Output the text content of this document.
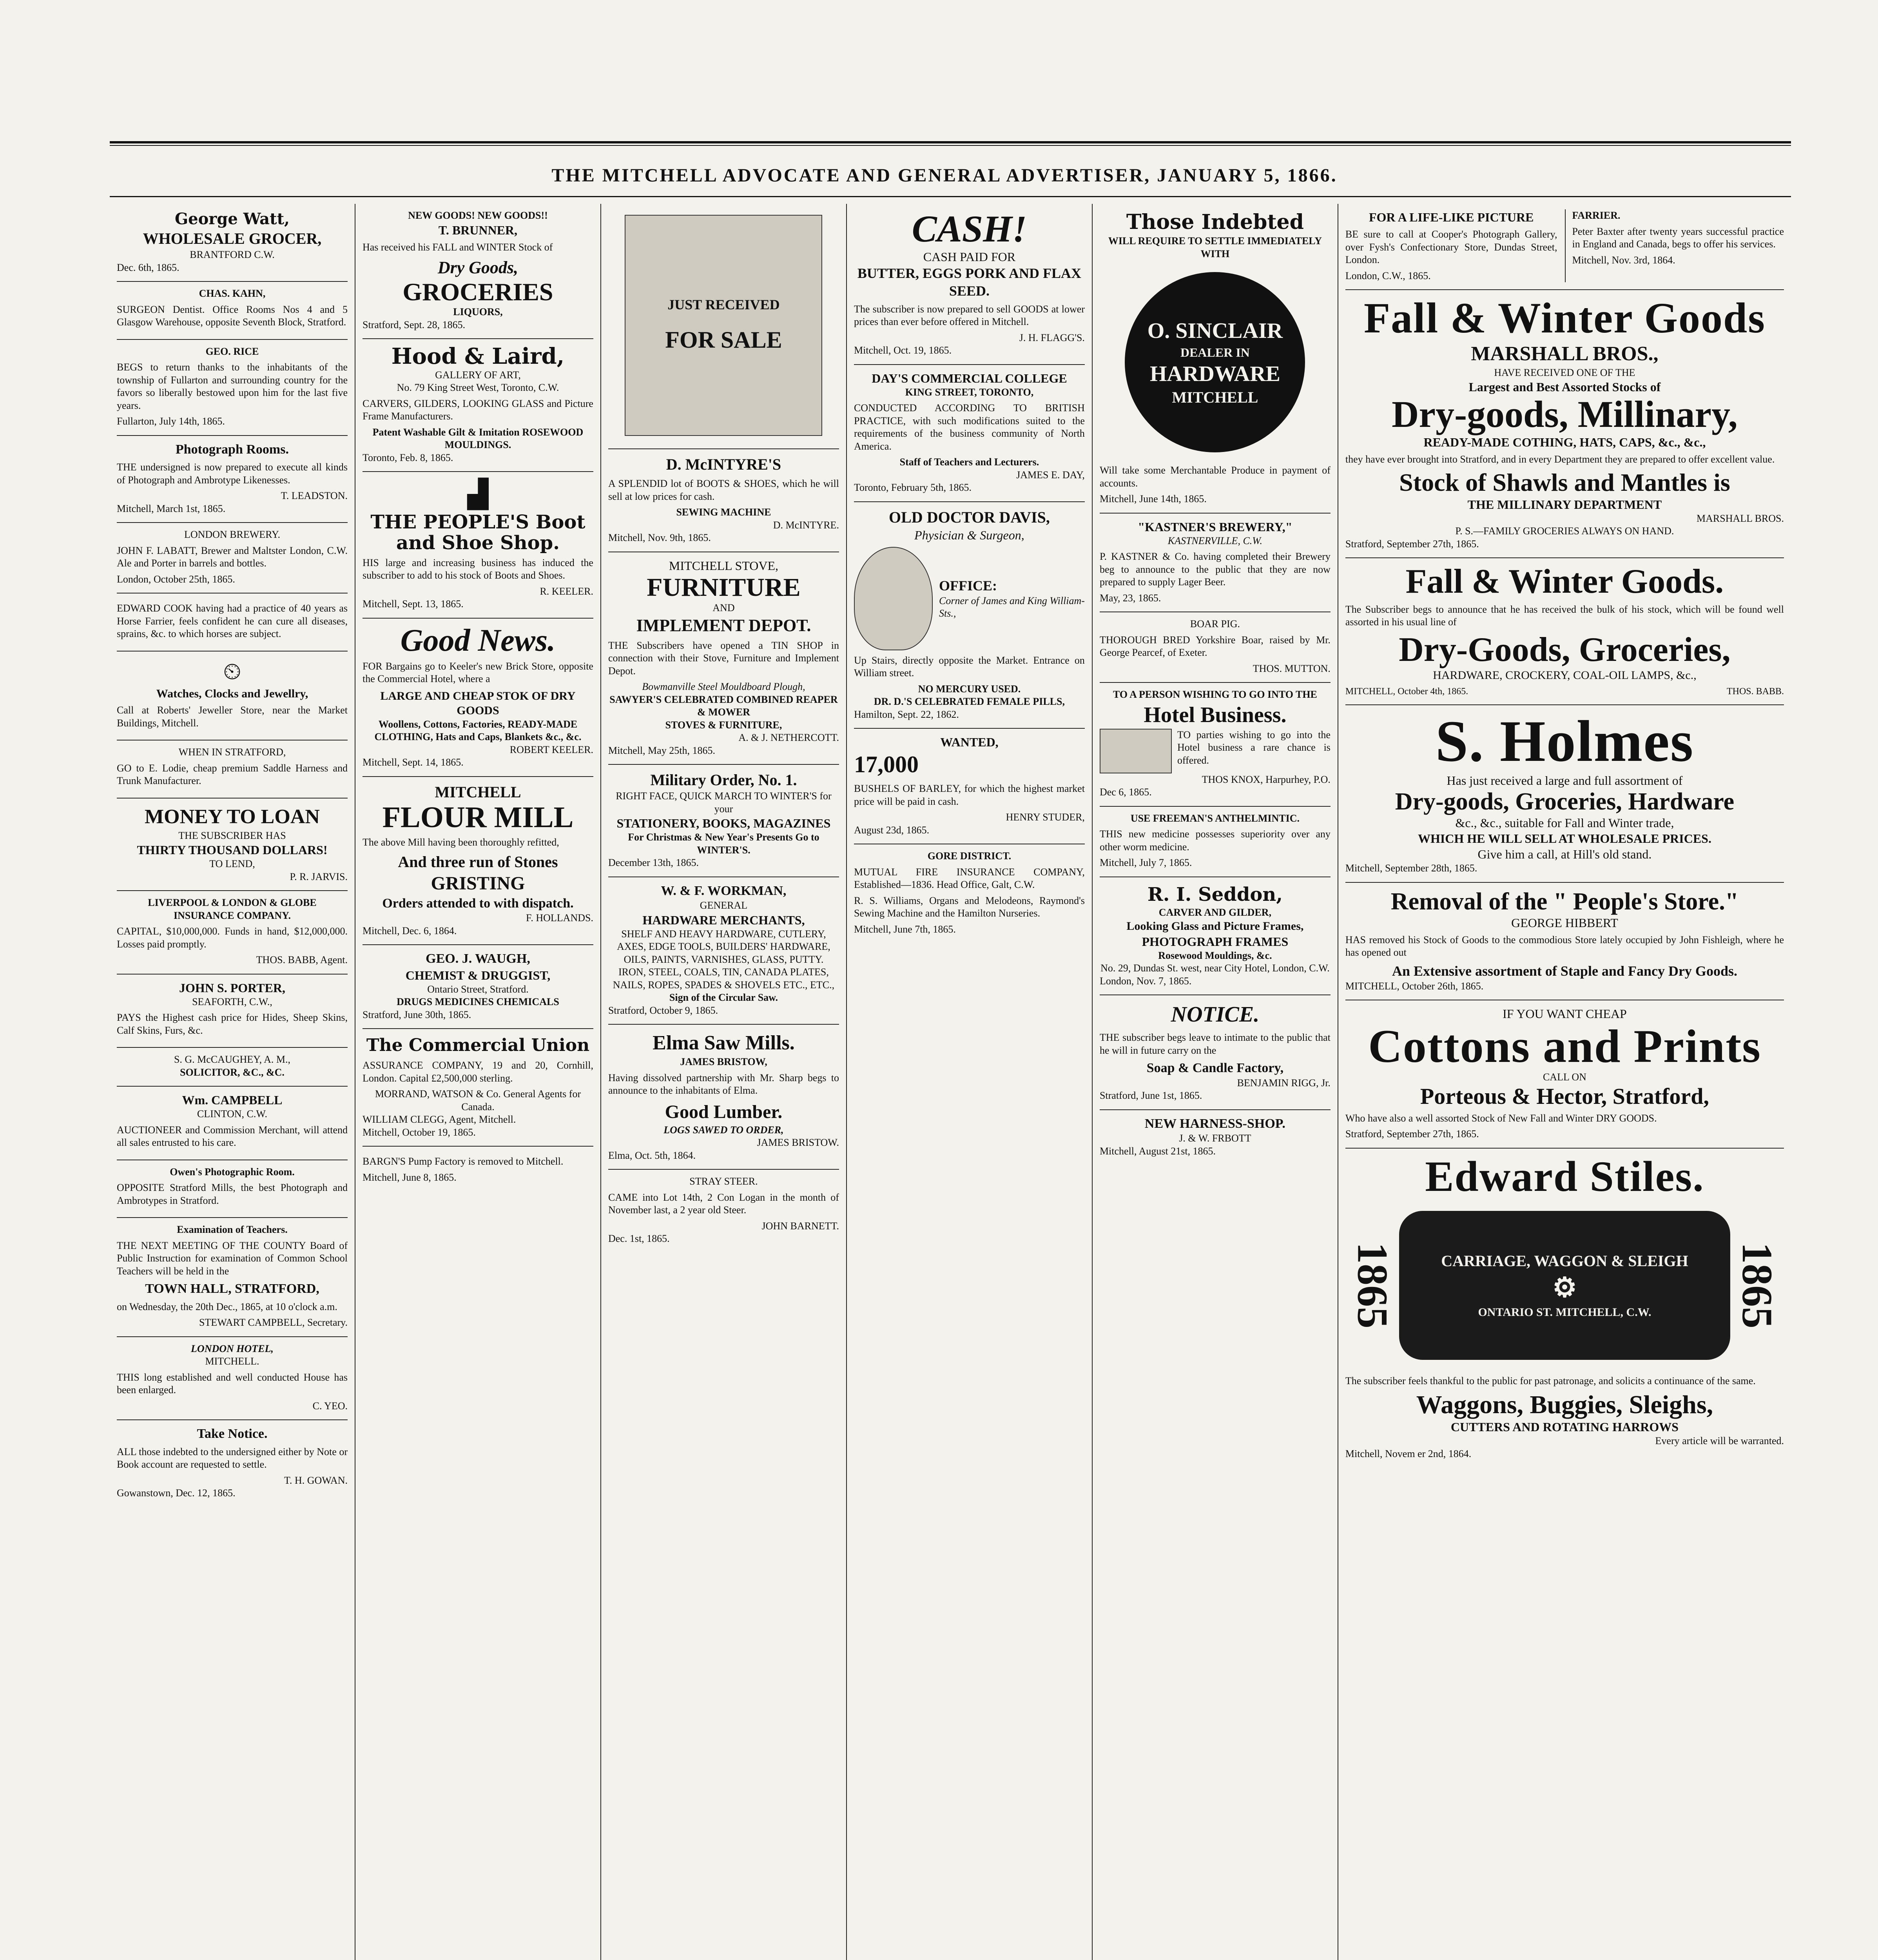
THE MITCHELL ADVOCATE AND GENERAL ADVERTISER, JANUARY 5, 1866.
George Watt,
WHOLESALE GROCER,
BRANTFORD C.W.
Dec. 6th, 1865.
CHAS. KAHN,
SURGEON Dentist. Office Rooms Nos 4 and 5 Glasgow Warehouse, opposite Seventh Block, Stratford.
GEO. RICE
BEGS to return thanks to the inhabitants of the township of Fullarton and surrounding country for the favors so liberally bestowed upon him for the last five years.
Fullarton, July 14th, 1865.
Photograph Rooms.
THE undersigned is now prepared to execute all kinds of Photograph and Ambrotype Likenesses.
T. LEADSTON.
Mitchell, March 1st, 1865.
LONDON BREWERY.
JOHN F. LABATT, Brewer and Maltster London, C.W. Ale and Porter in barrels and bottles.
London, October 25th, 1865.
EDWARD COOK having had a practice of 40 years as Horse Farrier, feels confident he can cure all diseases, sprains, &c. to which horses are subject.
⏲
Watches, Clocks and Jewellry,
Call at Roberts' Jeweller Store, near the Market Buildings, Mitchell.
WHEN IN STRATFORD,
GO to E. Lodie, cheap premium Saddle Harness and Trunk Manufacturer.
MONEY TO LOAN
THE SUBSCRIBER HAS
THIRTY THOUSAND DOLLARS!
TO LEND,
P. R. JARVIS.
LIVERPOOL & LONDON & GLOBE INSURANCE COMPANY.
CAPITAL, $10,000,000. Funds in hand, $12,000,000. Losses paid promptly.
THOS. BABB, Agent.
JOHN S. PORTER,
SEAFORTH, C.W.,
PAYS the Highest cash price for Hides, Sheep Skins, Calf Skins, Furs, &c.
S. G. McCAUGHEY, A. M.,
SOLICITOR, &C., &C.
Wm. CAMPBELL
CLINTON, C.W.
AUCTIONEER and Commission Merchant, will attend all sales entrusted to his care.
Owen's Photographic Room.
OPPOSITE Stratford Mills, the best Photograph and Ambrotypes in Stratford.
Examination of Teachers.
THE NEXT MEETING OF THE COUNTY Board of Public Instruction for examination of Common School Teachers will be held in the
TOWN HALL, STRATFORD,
on Wednesday, the 20th Dec., 1865, at 10 o'clock a.m.
STEWART CAMPBELL, Secretary.
LONDON HOTEL,
MITCHELL.
THIS long established and well conducted House has been enlarged.
C. YEO.
Take Notice.
ALL those indebted to the undersigned either by Note or Book account are requested to settle.
T. H. GOWAN.
Gowanstown, Dec. 12, 1865.
NEW GOODS! NEW GOODS!!
T. BRUNNER,
Has received his FALL and WINTER Stock of
Dry Goods,
GROCERIES
LIQUORS,
Stratford, Sept. 28, 1865.
Hood & Laird,
GALLERY OF ART,
No. 79 King Street West, Toronto, C.W.
CARVERS, GILDERS, LOOKING GLASS and Picture Frame Manufacturers.
Patent Washable Gilt & Imitation ROSEWOOD MOULDINGS.
Toronto, Feb. 8, 1865.
▟
THE PEOPLE'S Boot and Shoe Shop.
HIS large and increasing business has induced the subscriber to add to his stock of Boots and Shoes.
R. KEELER.
Mitchell, Sept. 13, 1865.
Good News.
FOR Bargains go to Keeler's new Brick Store, opposite the Commercial Hotel, where a
LARGE AND CHEAP STOK OF DRY GOODS
Woollens, Cottons, Factories, READY-MADE CLOTHING, Hats and Caps, Blankets &c., &c.
ROBERT KEELER.
Mitchell, Sept. 14, 1865.
MITCHELL
FLOUR MILL
The above Mill having been thoroughly refitted,
And three run of Stones
GRISTING
Orders attended to with dispatch.
F. HOLLANDS.
Mitchell, Dec. 6, 1864.
GEO. J. WAUGH,
CHEMIST & DRUGGIST,
Ontario Street, Stratford.
DRUGS MEDICINES CHEMICALS
Stratford, June 30th, 1865.
The Commercial Union
ASSURANCE COMPANY, 19 and 20, Cornhill, London. Capital £2,500,000 sterling.
MORRAND, WATSON & Co. General Agents for Canada.
WILLIAM CLEGG, Agent, Mitchell.
Mitchell, October 19, 1865.
BARGN'S Pump Factory is removed to Mitchell.
Mitchell, June 8, 1865.
JUST RECEIVED
FOR SALE
D. McINTYRE'S
A SPLENDID lot of BOOTS & SHOES, which he will sell at low prices for cash.
SEWING MACHINE
D. McINTYRE.
Mitchell, Nov. 9th, 1865.
MITCHELL STOVE,
FURNITURE
AND
IMPLEMENT DEPOT.
THE Subscribers have opened a TIN SHOP in connection with their Stove, Furniture and Implement Depot.
Bowmanville Steel Mouldboard Plough,
SAWYER'S CELEBRATED COMBINED REAPER & MOWER
STOVES & FURNITURE,
A. & J. NETHERCOTT.
Mitchell, May 25th, 1865.
Military Order, No. 1.
RIGHT FACE, QUICK MARCH TO WINTER'S for your
STATIONERY, BOOKS, MAGAZINES
For Christmas & New Year's Presents Go to WINTER'S.
December 13th, 1865.
W. & F. WORKMAN,
GENERAL
HARDWARE MERCHANTS,
SHELF AND HEAVY HARDWARE, CUTLERY, AXES, EDGE TOOLS, BUILDERS' HARDWARE, OILS, PAINTS, VARNISHES, GLASS, PUTTY.
IRON, STEEL, COALS, TIN, CANADA PLATES, NAILS, ROPES, SPADES & SHOVELS ETC., ETC.,
Sign of the Circular Saw.
Stratford, October 9, 1865.
Elma Saw Mills.
JAMES BRISTOW,
Having dissolved partnership with Mr. Sharp begs to announce to the inhabitants of Elma.
Good Lumber.
LOGS SAWED TO ORDER,
JAMES BRISTOW.
Elma, Oct. 5th, 1864.
STRAY STEER.
CAME into Lot 14th, 2 Con Logan in the month of November last, a 2 year old Steer.
JOHN BARNETT.
Dec. 1st, 1865.
CASH!
CASH PAID FOR
BUTTER, EGGS PORK AND FLAX SEED.
The subscriber is now prepared to sell GOODS at lower prices than ever before offered in Mitchell.
J. H. FLAGG'S.
Mitchell, Oct. 19, 1865.
DAY'S COMMERCIAL COLLEGE
KING STREET, TORONTO,
CONDUCTED ACCORDING TO BRITISH PRACTICE, with such modifications suited to the requirements of the business community of North America.
Staff of Teachers and Lecturers.
JAMES E. DAY,
Toronto, February 5th, 1865.
OLD DOCTOR DAVIS,
Physician & Surgeon,
OFFICE:
Corner of James and King William-Sts.,
Up Stairs, directly opposite the Market. Entrance on William street.
NO MERCURY USED.
DR. D.'S CELEBRATED FEMALE PILLS,
Hamilton, Sept. 22, 1862.
WANTED,
17,000
BUSHELS OF BARLEY, for which the highest market price will be paid in cash.
HENRY STUDER,
August 23d, 1865.
GORE DISTRICT.
MUTUAL FIRE INSURANCE COMPANY, Established—1836. Head Office, Galt, C.W.
R. S. Williams, Organs and Melodeons, Raymond's Sewing Machine and the Hamilton Nurseries.
Mitchell, June 7th, 1865.
Those Indebted
WILL REQUIRE TO SETTLE IMMEDIATELY WITH
O. SINCLAIR
DEALER IN
HARDWARE
MITCHELL
Will take some Merchantable Produce in payment of accounts.
Mitchell, June 14th, 1865.
"KASTNER'S BREWERY,"
KASTNERVILLE, C.W.
P. KASTNER & Co. having completed their Brewery beg to announce to the public that they are now prepared to supply Lager Beer.
May, 23, 1865.
BOAR PIG.
THOROUGH BRED Yorkshire Boar, raised by Mr. George Pearcef, of Exeter.
THOS. MUTTON.
TO A PERSON WISHING TO GO INTO THE
Hotel Business.
TO parties wishing to go into the Hotel business a rare chance is offered.
THOS KNOX, Harpurhey, P.O.
Dec 6, 1865.
USE FREEMAN'S ANTHELMINTIC.
THIS new medicine possesses superiority over any other worm medicine.
Mitchell, July 7, 1865.
R. I. Seddon,
CARVER AND GILDER,
Looking Glass and Picture Frames,
PHOTOGRAPH FRAMES
Rosewood Mouldings, &c.
No. 29, Dundas St. west, near City Hotel, London, C.W.
London, Nov. 7, 1865.
NOTICE.
THE subscriber begs leave to intimate to the public that he will in future carry on the
Soap & Candle Factory,
BENJAMIN RIGG, Jr.
Stratford, June 1st, 1865.
NEW HARNESS-SHOP.
J. & W. FRBOTT
Mitchell, August 21st, 1865.
FOR A LIFE-LIKE PICTURE
BE sure to call at Cooper's Photograph Gallery, over Fysh's Confectionary Store, Dundas Street, London.
London, C.W., 1865.
FARRIER.
Peter Baxter after twenty years successful practice in England and Canada, begs to offer his services.
Mitchell, Nov. 3rd, 1864.
Fall & Winter Goods
MARSHALL BROS.,
HAVE RECEIVED ONE OF THE
Largest and Best Assorted Stocks of
Dry-goods, Millinary,
READY-MADE COTHING, HATS, CAPS, &c., &c.,
they have ever brought into Stratford, and in every Department they are prepared to offer excellent value.
Stock of Shawls and Mantles is
THE MILLINARY DEPARTMENT
MARSHALL BROS.
P. S.—FAMILY GROCERIES ALWAYS ON HAND.
Stratford, September 27th, 1865.
Fall & Winter Goods.
The Subscriber begs to announce that he has received the bulk of his stock, which will be found well assorted in his usual line of
Dry-Goods, Groceries,
HARDWARE, CROCKERY, COAL-OIL LAMPS, &c.,
MITCHELL, October 4th, 1865.	THOS. BABB.
S. Holmes
Has just received a large and full assortment of
Dry-goods, Groceries, Hardware
&c., &c., suitable for Fall and Winter trade,
WHICH HE WILL SELL AT WHOLESALE PRICES.
Give him a call, at Hill's old stand.
Mitchell, September 28th, 1865.
Removal of the " People's Store."
GEORGE HIBBERT
HAS removed his Stock of Goods to the commodious Store lately occupied by John Fishleigh, where he has opened out
An Extensive assortment of Staple and Fancy Dry Goods.
MITCHELL, October 26th, 1865.
IF YOU WANT CHEAP
Cottons and Prints
CALL ON
Porteous & Hector, Stratford,
Who have also a well assorted Stock of New Fall and Winter DRY GOODS.
Stratford, September 27th, 1865.
Edward Stiles.
1865	CARRIAGE, WAGGON & SLEIGH
⚙
ONTARIO ST. MITCHELL, C.W. 1865
The subscriber feels thankful to the public for past patronage, and solicits a continuance of the same.
Waggons, Buggies, Sleighs,
CUTTERS AND ROTATING HARROWS
Every article will be warranted.
Mitchell, Novem er 2nd, 1864.
